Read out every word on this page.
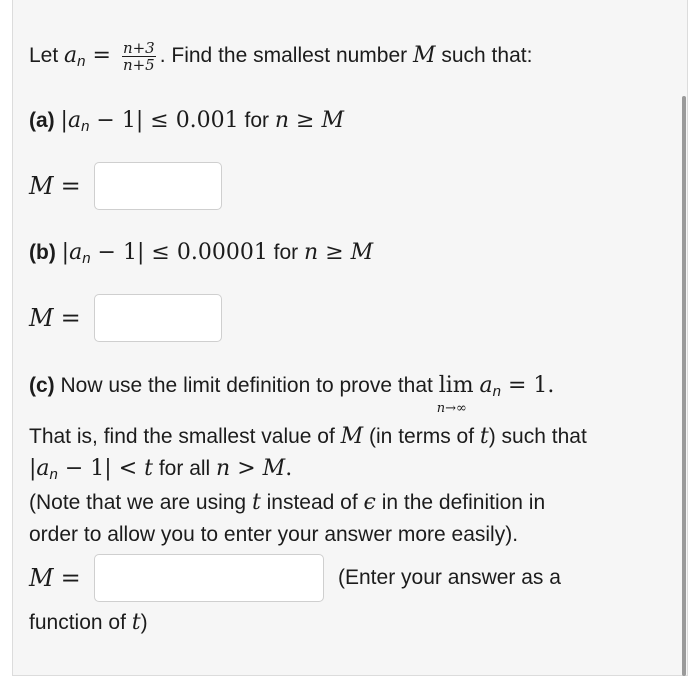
Let $a_n = \frac{n+3}{n+5}$ . Find the smallest number M such that:
(a) $|a_n - 1| \le 0.001$ for n ≥ M
M =
(b) $|a_n - 1| \le 0.00001$ for n ≥ M
M =
(c) Now use the limit definition to prove that lim
n→∞
$a_n = 1$.
That is, find the smallest value of M (in terms of t) such that
$|a_n - 1| < t$ for all n > M.
(Note that we are using t instead of ϵ in the definition in
order to allow you to enter your answer more easily).
M =	(Enter your answer as a
function of t)
